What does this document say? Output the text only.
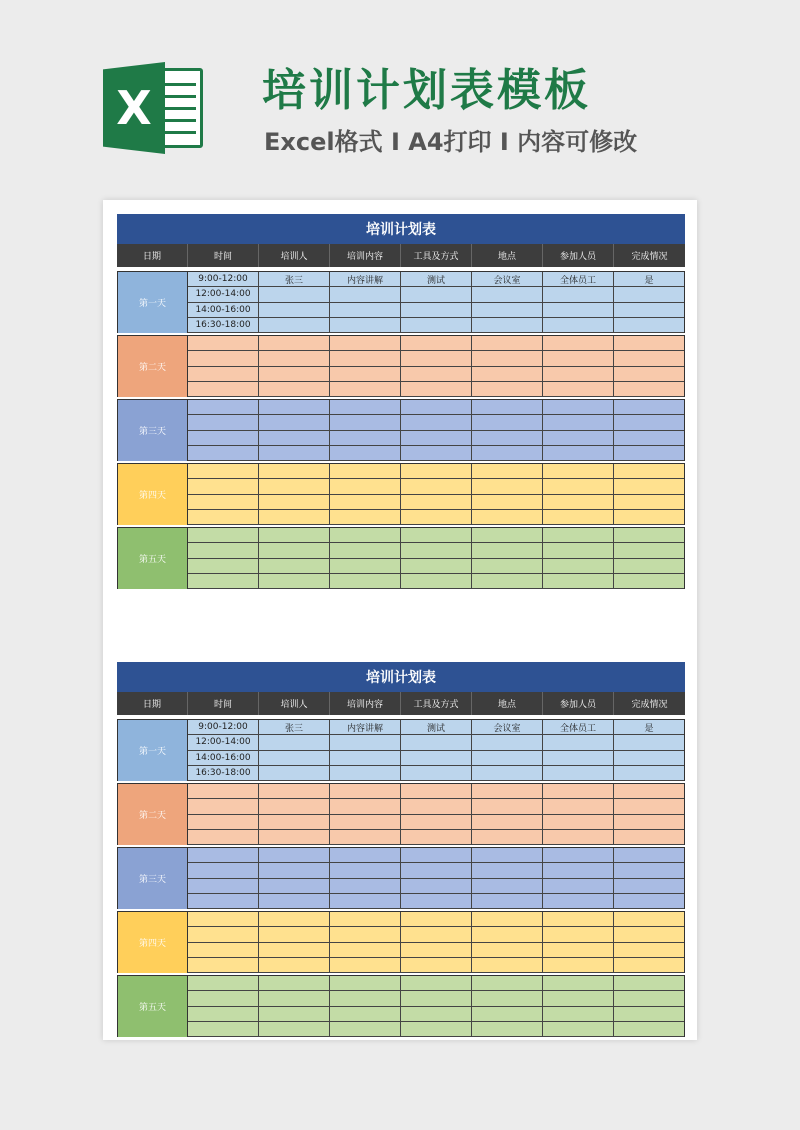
X	培训计划表模板
Excel格式 I A4打印 I 内容可修改
培训计划表
日期	时间	培训人	培训内容	工具及方式	地点	参加人员	完成情况
第一天
9:00-12:00	张三	内容讲解	测试	会议室	全体员工	是
12:00-14:00
14:00-16:00
16:30-18:00
第二天
第三天
第四天
第五天
培训计划表
日期	时间	培训人	培训内容	工具及方式	地点	参加人员	完成情况
第一天
9:00-12:00	张三	内容讲解	测试	会议室	全体员工	是
12:00-14:00
14:00-16:00
16:30-18:00
第二天
第三天
第四天
第五天
